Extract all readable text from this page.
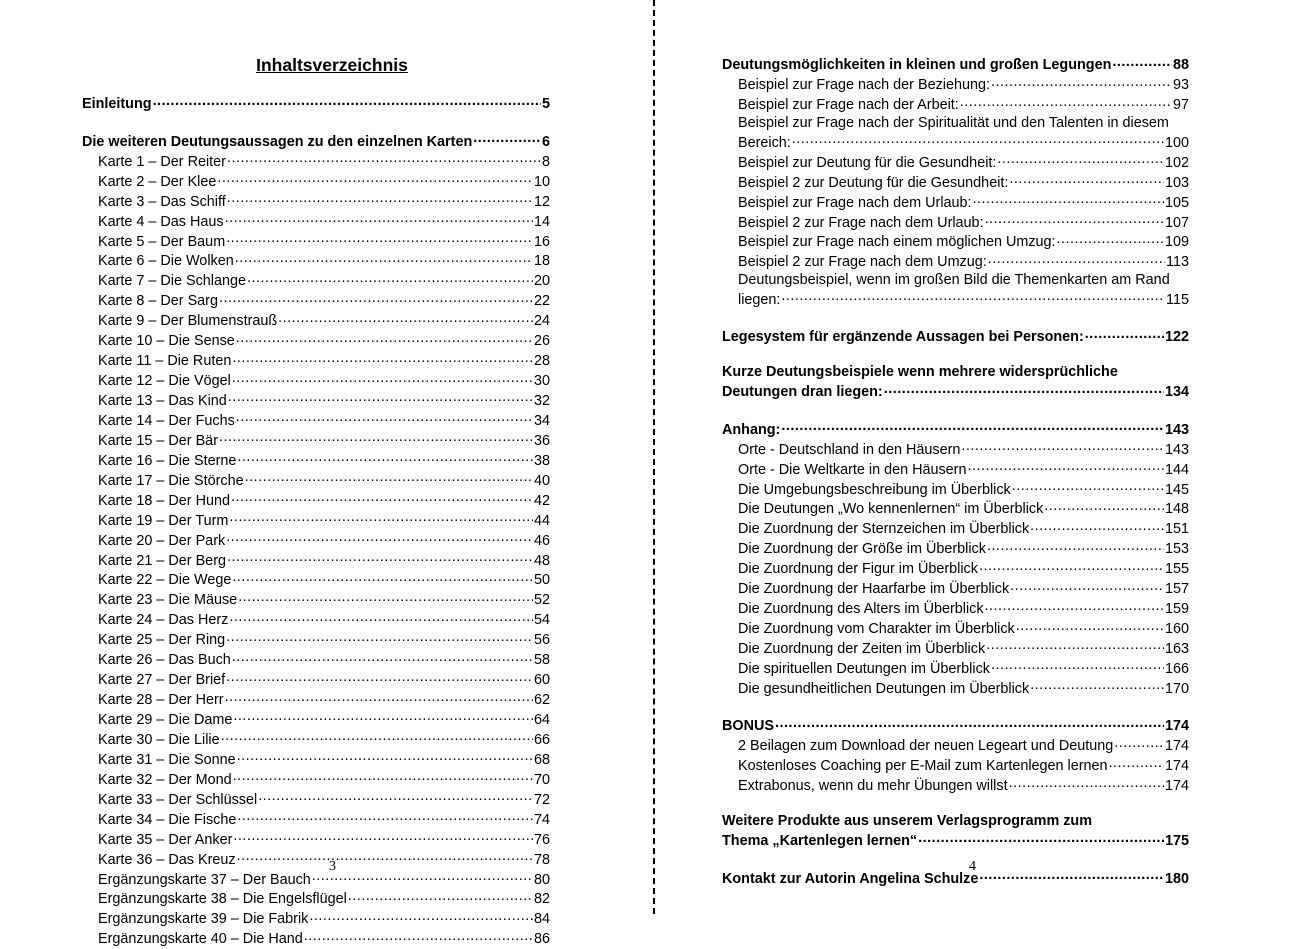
Inhaltsverzeichnis
Einleitung .....	5
Die weiteren Deutungsaussagen zu den einzelnen Karten .....	6
Karte 1 – Der Reiter .....	8
Karte 2 – Der Klee .....	10
Karte 3 – Das Schiff .....	12
Karte 4 – Das Haus .....	14
Karte 5 – Der Baum .....	16
Karte 6 – Die Wolken .....	18
Karte 7 – Die Schlange .....	20
Karte 8 – Der Sarg .....	22
Karte 9 – Der Blumenstrauß .....	24
Karte 10 – Die Sense .....	26
Karte 11 – Die Ruten .....	28
Karte 12 – Die Vögel .....	30
Karte 13 – Das Kind .....	32
Karte 14 – Der Fuchs .....	34
Karte 15 – Der Bär .....	36
Karte 16 – Die Sterne .....	38
Karte 17 – Die Störche .....	40
Karte 18 – Der Hund .....	42
Karte 19 – Der Turm .....	44
Karte 20 – Der Park .....	46
Karte 21 – Der Berg .....	48
Karte 22 – Die Wege .....	50
Karte 23 – Die Mäuse .....	52
Karte 24 – Das Herz .....	54
Karte 25 – Der Ring .....	56
Karte 26 – Das Buch .....	58
Karte 27 – Der Brief .....	60
Karte 28 – Der Herr .....	62
Karte 29 – Die Dame .....	64
Karte 30 – Die Lilie .....	66
Karte 31 – Die Sonne .....	68
Karte 32 – Der Mond .....	70
Karte 33 – Der Schlüssel .....	72
Karte 34 – Die Fische .....	74
Karte 35 – Der Anker .....	76
Karte 36 – Das Kreuz .....	78
Ergänzungskarte 37 – Der Bauch .....	80
Ergänzungskarte 38 – Die Engelsflügel .....	82
Ergänzungskarte 39 – Die Fabrik .....	84
Ergänzungskarte 40 – Die Hand .....	86
3
Deutungsmöglichkeiten in kleinen und großen Legungen .....	88
Beispiel zur Frage nach der Beziehung: .....	93
Beispiel zur Frage nach der Arbeit: .....	97
Beispiel zur Frage nach der Spiritualität und den Talenten in diesem
Bereich: .....	100
Beispiel zur Deutung für die Gesundheit: .....	102
Beispiel 2 zur Deutung für die Gesundheit: .....	103
Beispiel zur Frage nach dem Urlaub: .....	105
Beispiel 2 zur Frage nach dem Urlaub: .....	107
Beispiel zur Frage nach einem möglichen Umzug: .....	109
Beispiel 2 zur Frage nach dem Umzug: .....	113
Deutungsbeispiel, wenn im großen Bild die Themenkarten am Rand
liegen: .....	115
Legesystem für ergänzende Aussagen bei Personen: .....	122
Kurze Deutungsbeispiele wenn mehrere widersprüchliche
Deutungen dran liegen: .....	134
Anhang: .....	143
Orte - Deutschland in den Häusern .....	143
Orte - Die Weltkarte in den Häusern .....	144
Die Umgebungsbeschreibung im Überblick .....	145
Die Deutungen „Wo kennenlernen“ im Überblick .....	148
Die Zuordnung der Sternzeichen im Überblick .....	151
Die Zuordnung der Größe im Überblick .....	153
Die Zuordnung der Figur im Überblick .....	155
Die Zuordnung der Haarfarbe im Überblick .....	157
Die Zuordnung des Alters im Überblick .....	159
Die Zuordnung vom Charakter im Überblick .....	160
Die Zuordnung der Zeiten im Überblick .....	163
Die spirituellen Deutungen im Überblick .....	166
Die gesundheitlichen Deutungen im Überblick .....	170
BONUS .....	174
2 Beilagen zum Download der neuen Legeart und Deutung .....	174
Kostenloses Coaching per E-Mail zum Kartenlegen lernen .....	174
Extrabonus, wenn du mehr Übungen willst .....	174
Weitere Produkte aus unserem Verlagsprogramm zum
Thema „Kartenlegen lernen“ .....	175
Kontakt zur Autorin Angelina Schulze .....	180
4
